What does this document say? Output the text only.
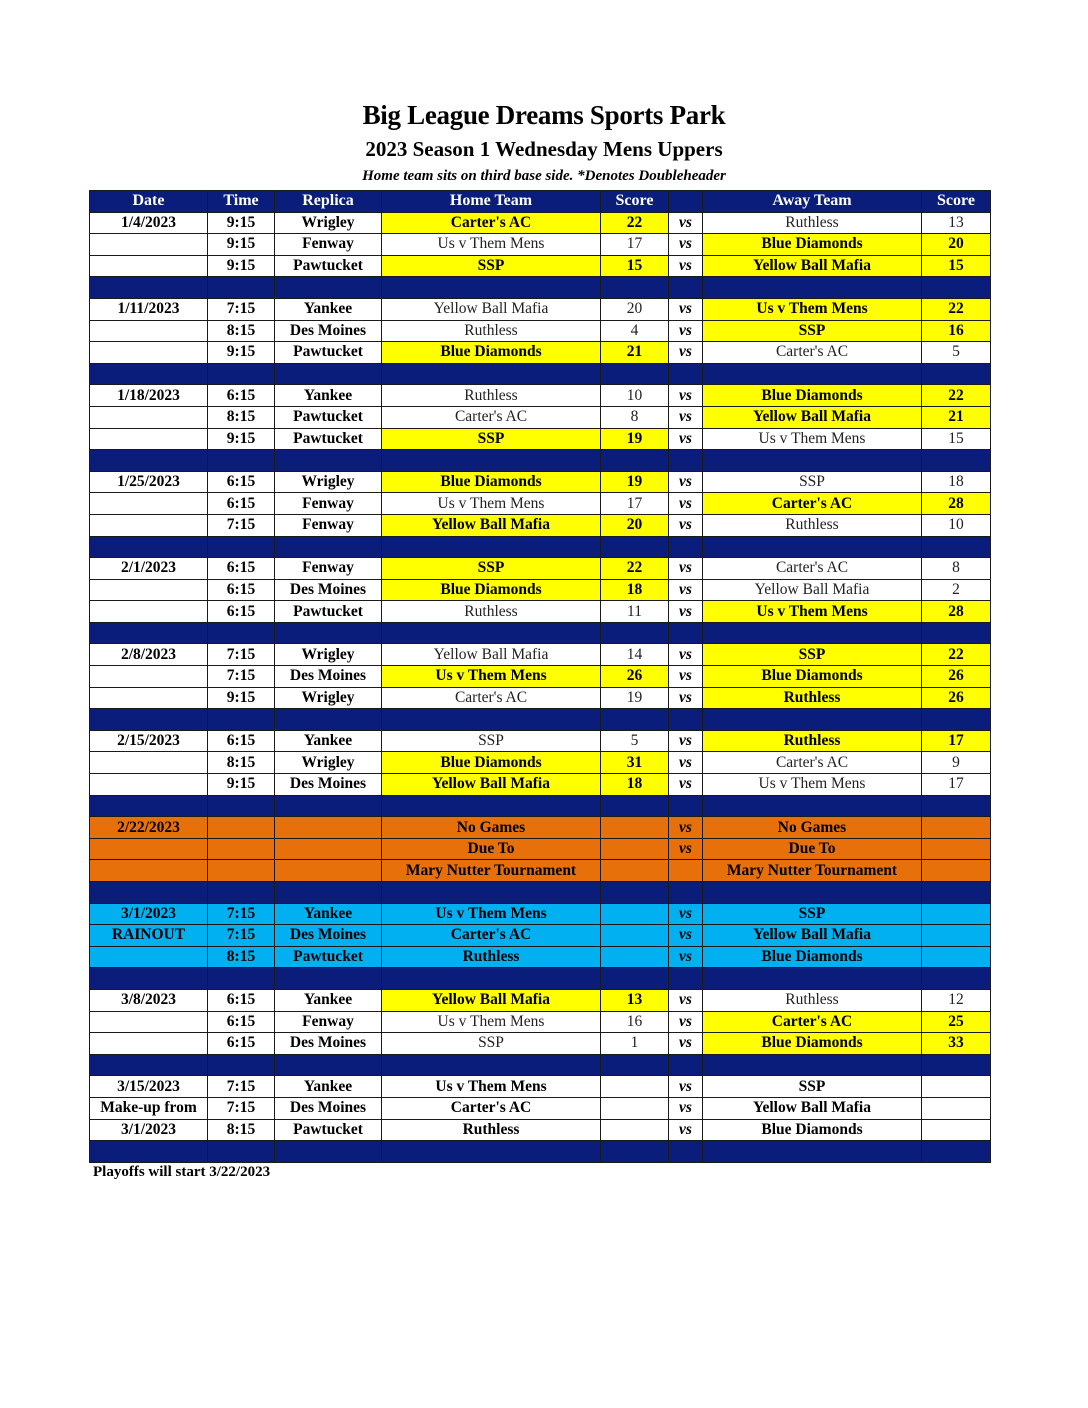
Big League Dreams Sports Park
2023 Season 1 Wednesday Mens Uppers
Home team sits on third base side. *Denotes Doubleheader
Date	Time	Replica	Home Team	Score		Away Team	Score
1/4/2023	9:15	Wrigley	Carter's AC	22	vs	Ruthless	13
	9:15	Fenway	Us v Them Mens	17	vs	Blue Diamonds	20
	9:15	Pawtucket	SSP	15	vs	Yellow Ball Mafia	15

1/11/2023	7:15	Yankee	Yellow Ball Mafia	20	vs	Us v Them Mens	22
	8:15	Des Moines	Ruthless	4	vs	SSP	16
	9:15	Pawtucket	Blue Diamonds	21	vs	Carter's AC	5

1/18/2023	6:15	Yankee	Ruthless	10	vs	Blue Diamonds	22
	8:15	Pawtucket	Carter's AC	8	vs	Yellow Ball Mafia	21
	9:15	Pawtucket	SSP	19	vs	Us v Them Mens	15

1/25/2023	6:15	Wrigley	Blue Diamonds	19	vs	SSP	18
	6:15	Fenway	Us v Them Mens	17	vs	Carter's AC	28
	7:15	Fenway	Yellow Ball Mafia	20	vs	Ruthless	10

2/1/2023	6:15	Fenway	SSP	22	vs	Carter's AC	8
	6:15	Des Moines	Blue Diamonds	18	vs	Yellow Ball Mafia	2
	6:15	Pawtucket	Ruthless	11	vs	Us v Them Mens	28

2/8/2023	7:15	Wrigley	Yellow Ball Mafia	14	vs	SSP	22
	7:15	Des Moines	Us v Them Mens	26	vs	Blue Diamonds	26
	9:15	Wrigley	Carter's AC	19	vs	Ruthless	26

2/15/2023	6:15	Yankee	SSP	5	vs	Ruthless	17
	8:15	Wrigley	Blue Diamonds	31	vs	Carter's AC	9
	9:15	Des Moines	Yellow Ball Mafia	18	vs	Us v Them Mens	17

2/22/2023			No Games		vs	No Games	
			Due To		vs	Due To	
			Mary Nutter Tournament			Mary Nutter Tournament	

3/1/2023	7:15	Yankee	Us v Them Mens		vs	SSP	
RAINOUT	7:15	Des Moines	Carter's AC		vs	Yellow Ball Mafia	
	8:15	Pawtucket	Ruthless		vs	Blue Diamonds	

3/8/2023	6:15	Yankee	Yellow Ball Mafia	13	vs	Ruthless	12
	6:15	Fenway	Us v Them Mens	16	vs	Carter's AC	25
	6:15	Des Moines	SSP	1	vs	Blue Diamonds	33

3/15/2023	7:15	Yankee	Us v Them Mens		vs	SSP	
Make-up from	7:15	Des Moines	Carter's AC		vs	Yellow Ball Mafia	
3/1/2023	8:15	Pawtucket	Ruthless		vs	Blue Diamonds	

Playoffs will start 3/22/2023
